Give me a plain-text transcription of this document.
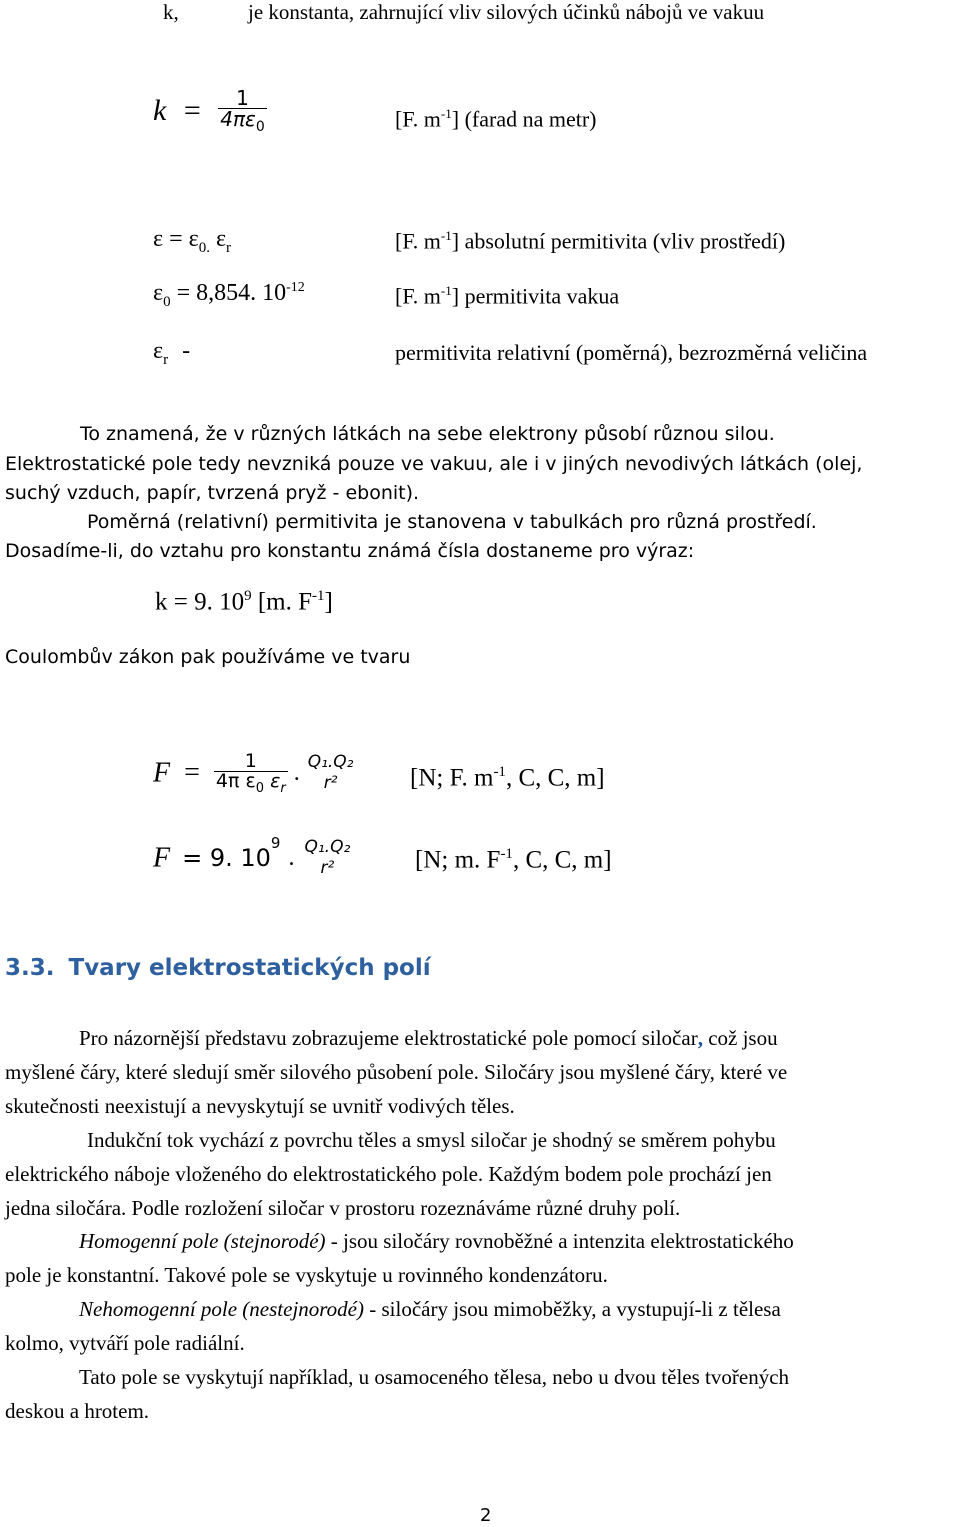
k,	je konstanta, zahrnující vliv silových účinků nábojů ve vakuu
$k = \frac{1}{4\pi\varepsilon_0}$	[F. $m^{-1}$] (farad na metr)
$\varepsilon = \varepsilon_{0.}$ $\varepsilon_r$	[F. $m^{-1}$] absolutní permitivita (vliv prostředí)
$\varepsilon_0 = 8,854$. $10^{-12}$	[F. $m^{-1}$] permitivita vakua
$\varepsilon_r$ -	permitivita relativní (poměrná), bezrozměrná veličina
To znamená, že v různých látkách na sebe elektrony působí různou silou.
Elektrostatické pole tedy nevzniká pouze ve vakuu, ale i v jiných nevodivých látkách (olej,
suchý vzduch, papír, tvrzená pryž - ebonit).
Poměrná (relativní) permitivita je stanovena v tabulkách pro různá prostředí.
Dosadíme-li, do vztahu pro konstantu známá čísla dostaneme pro výraz:
k = 9. $10^9$ [m. $F^{-1}$]
Coulombův zákon pak používáme ve tvaru
$F = \frac{1}{4\pi \varepsilon_0 \varepsilon_r}$ . Q₁.Q₂
r²	[N; F. $m^{-1}$, C, C, m]
F = 9. $10^9$ . Q₁.Q₂
r²	[N; m. $F^{-1}$, C, C, m]
3.3. Tvary elektrostatických polí
Pro názornější představu zobrazujeme elektrostatické pole pomocí siločar, což jsou
myšlené čáry, které sledují směr silového působení pole. Siločáry jsou myšlené čáry, které ve
skutečnosti neexistují a nevyskytují se uvnitř vodivých těles.
Indukční tok vychází z povrchu těles a smysl siločar je shodný se směrem pohybu
elektrického náboje vloženého do elektrostatického pole. Každým bodem pole prochází jen
jedna siločára. Podle rozložení siločar v prostoru rozeznáváme různé druhy polí.
Homogenní pole (stejnorodé) - jsou siločáry rovnoběžné a intenzita elektrostatického
pole je konstantní. Takové pole se vyskytuje u rovinného kondenzátoru.
Nehomogenní pole (nestejnorodé) - siločáry jsou mimoběžky, a vystupují-li z tělesa
kolmo, vytváří pole radiální.
Tato pole se vyskytují například, u osamoceného tělesa, nebo u dvou těles tvořených
deskou a hrotem.
2
